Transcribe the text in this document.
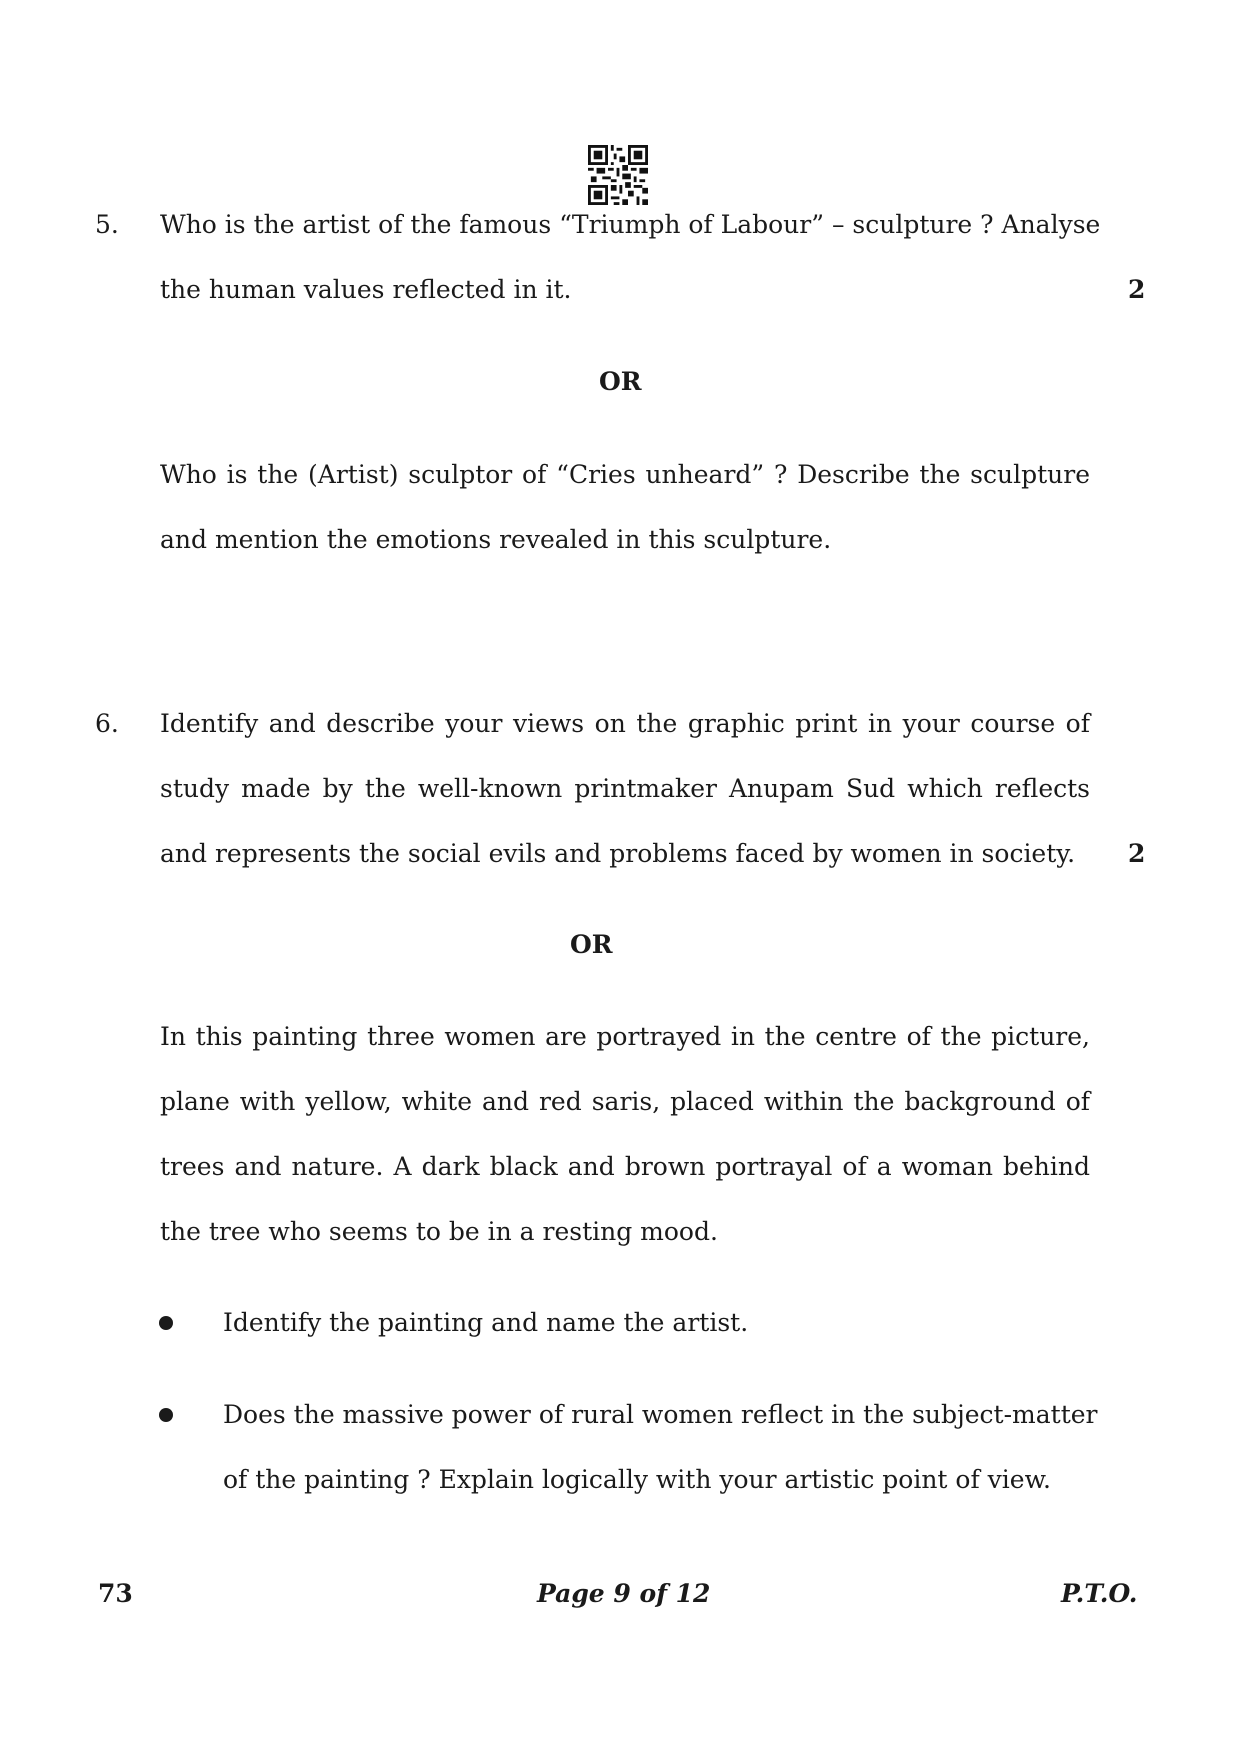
5. Who is the artist of the famous “Triumph of Labour” – sculpture ? Analyse
the human values reflected in it.	2
OR
Who is the (Artist) sculptor of “Cries unheard” ? Describe the sculpture
and mention the emotions revealed in this sculpture.
6. Identify and describe your views on the graphic print in your course of
study made by the well-known printmaker Anupam Sud which reflects
and represents the social evils and problems faced by women in society. 2
OR
In this painting three women are portrayed in the centre of the picture,
plane with yellow, white and red saris, placed within the background of
trees and nature. A dark black and brown portrayal of a woman behind
the tree who seems to be in a resting mood.
Identify the painting and name the artist.
Does the massive power of rural women reflect in the subject-matter
of the painting ? Explain logically with your artistic point of view.
73	Page 9 of 12	P.T.O.
